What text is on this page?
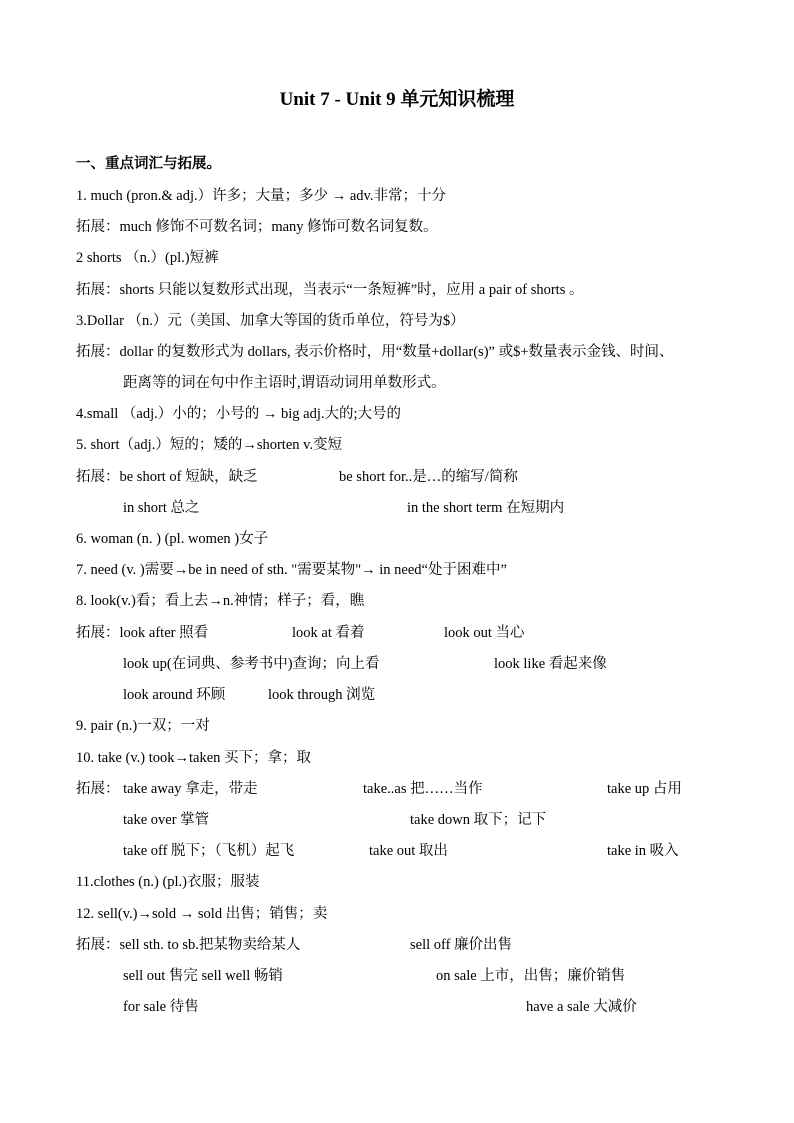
Unit 7 - Unit 9 单元知识梳理
一、重点词汇与拓展。
1. much (pron.& adj.）许多；大量；多少 → adv.非常；十分
拓展：much 修饰不可数名词；many 修饰可数名词复数。
2 shorts （n.）(pl.)短裤
拓展：shorts 只能以复数形式出现，当表示“一条短裤”时，应用 a pair of shorts 。
3.Dollar （n.）元（美国、加拿大等国的货币单位，符号为$）
拓展：dollar 的复数形式为 dollars, 表示价格时，用“数量+dollar(s)” 或$+数量表示金钱、时间、
距离等的词在句中作主语时,谓语动词用单数形式。
4.small （adj.）小的；小号的 → big adj.大的;大号的
5. short（adj.）短的；矮的→shorten v.变短
拓展：be short of 短缺，缺乏	be short for..是…的缩写/简称
in short 总之	in the short term 在短期内
6. woman (n. ) (pl. women )女子
7. need (v. )需要→be in need of sth. "需要某物"→ in need“处于困难中”
8. look(v.)看；看上去→n.神情；样子；看，瞧
拓展：look after 照看	look at 看着	look out 当心
look up(在词典、参考书中)查询；向上看	look like 看起来像
look around 环顾	look through 浏览
9. pair (n.)一双；一对
10. take (v.) took→taken 买下；拿；取
拓展： take away 拿走，带走	take..as 把……当作	take up 占用
take over 掌管	take down 取下；记下
take off 脱下；（飞机）起飞	take out 取出	take in 吸入
11.clothes (n.) (pl.)衣服；服装
12. sell(v.)→sold → sold 出售；销售；卖
拓展：sell sth. to sb.把某物卖给某人	sell off 廉价出售
sell out 售完 sell well 畅销	on sale 上市，出售；廉价销售
for sale 待售	have a sale 大减价
